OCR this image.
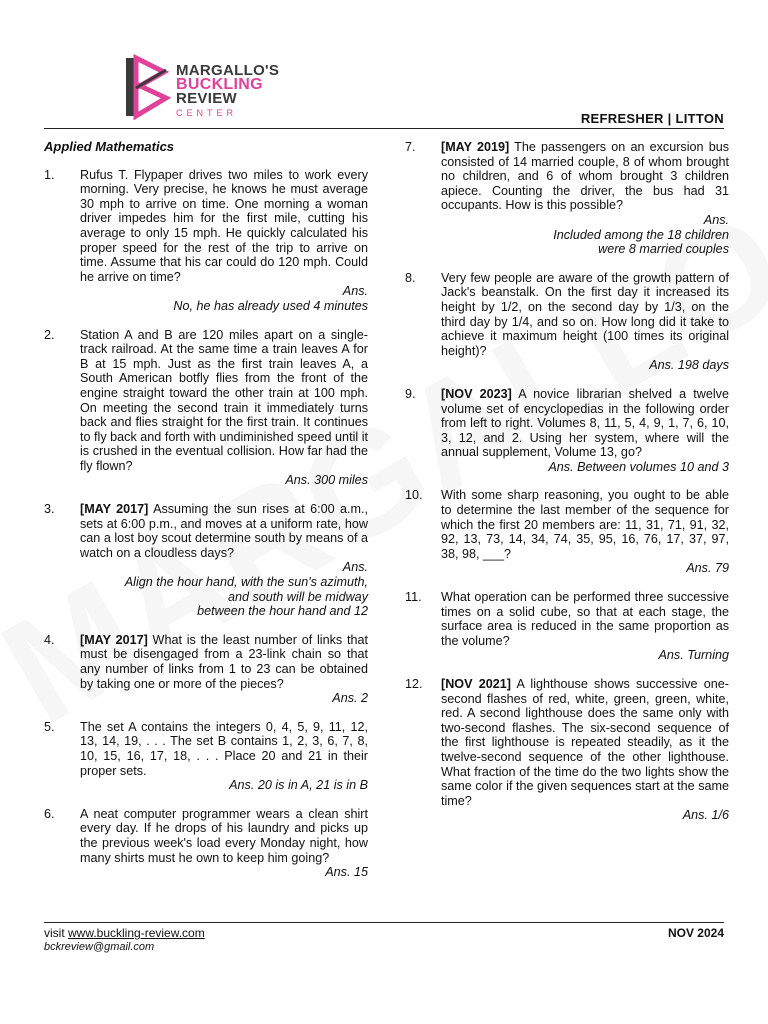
MARGALLO'S
BUCKLING
REVIEW
CENTER	REFRESHER | LITTON
Applied Mathematics
1.	Rufus T. Flypaper drives two miles to work every morning. Very precise, he knows he must average 30 mph to arrive on time. One morning a woman driver impedes him for the first mile, cutting his average to only 15 mph. He quickly calculated his proper speed for the rest of the trip to arrive on time. Assume that his car could do 120 mph. Could he arrive on time?
Ans.
No, he has already used 4 minutes
2.	Station A and B are 120 miles apart on a single-track railroad. At the same time a train leaves A for B at 15 mph. Just as the first train leaves A, a South American botfly flies from the front of the engine straight toward the other train at 100 mph. On meeting the second train it immediately turns back and flies straight for the first train. It continues to fly back and forth with undiminished speed until it is crushed in the eventual collision. How far had the fly flown?
Ans. 300 miles
3.	[MAY 2017] Assuming the sun rises at 6:00 a.m., sets at 6:00 p.m., and moves at a uniform rate, how can a lost boy scout determine south by means of a watch on a cloudless days?
Ans.
Align the hour hand, with the sun's azimuth,
and south will be midway
between the hour hand and 12
4.	[MAY 2017] What is the least number of links that must be disengaged from a 23-link chain so that any number of links from 1 to 23 can be obtained by taking one or more of the pieces?
Ans. 2
5.	The set A contains the integers 0, 4, 5, 9, 11, 12, 13, 14, 19, . . . The set B contains 1, 2, 3, 6, 7, 8, 10, 15, 16, 17, 18, . . . Place 20 and 21 in their proper sets.
Ans. 20 is in A, 21 is in B
6.	A neat computer programmer wears a clean shirt every day. If he drops of his laundry and picks up the previous week's load every Monday night, how many shirts must he own to keep him going?
Ans. 15
7.	[MAY 2019] The passengers on an excursion bus consisted of 14 married couple, 8 of whom brought no children, and 6 of whom brought 3 children apiece. Counting the driver, the bus had 31 occupants. How is this possible?
Ans.
Included among the 18 children
were 8 married couples
8.	Very few people are aware of the growth pattern of Jack's beanstalk. On the first day it increased its height by 1/2, on the second day by 1/3, on the third day by 1/4, and so on. How long did it take to achieve it maximum height (100 times its original height)?
Ans. 198 days
9.	[NOV 2023] A novice librarian shelved a twelve volume set of encyclopedias in the following order from left to right. Volumes 8, 11, 5, 4, 9, 1, 7, 6, 10, 3, 12, and 2. Using her system, where will the annual supplement, Volume 13, go?
Ans. Between volumes 10 and 3
10.	With some sharp reasoning, you ought to be able to determine the last member of the sequence for which the first 20 members are: 11, 31, 71, 91, 32, 92, 13, 73, 14, 34, 74, 35, 95, 16, 76, 17, 37, 97, 38, 98, ___?
Ans. 79
11.	What operation can be performed three successive times on a solid cube, so that at each stage, the surface area is reduced in the same proportion as the volume?
Ans. Turning
12.	[NOV 2021] A lighthouse shows successive one-second flashes of red, white, green, green, white, red. A second lighthouse does the same only with two-second flashes. The six-second sequence of the first lighthouse is repeated steadily, as it the twelve-second sequence of the other lighthouse. What fraction of the time do the two lights show the same color if the given sequences start at the same time?
Ans. 1/6
visit www.buckling-review.com
bckreview@gmail.com
NOV 2024
